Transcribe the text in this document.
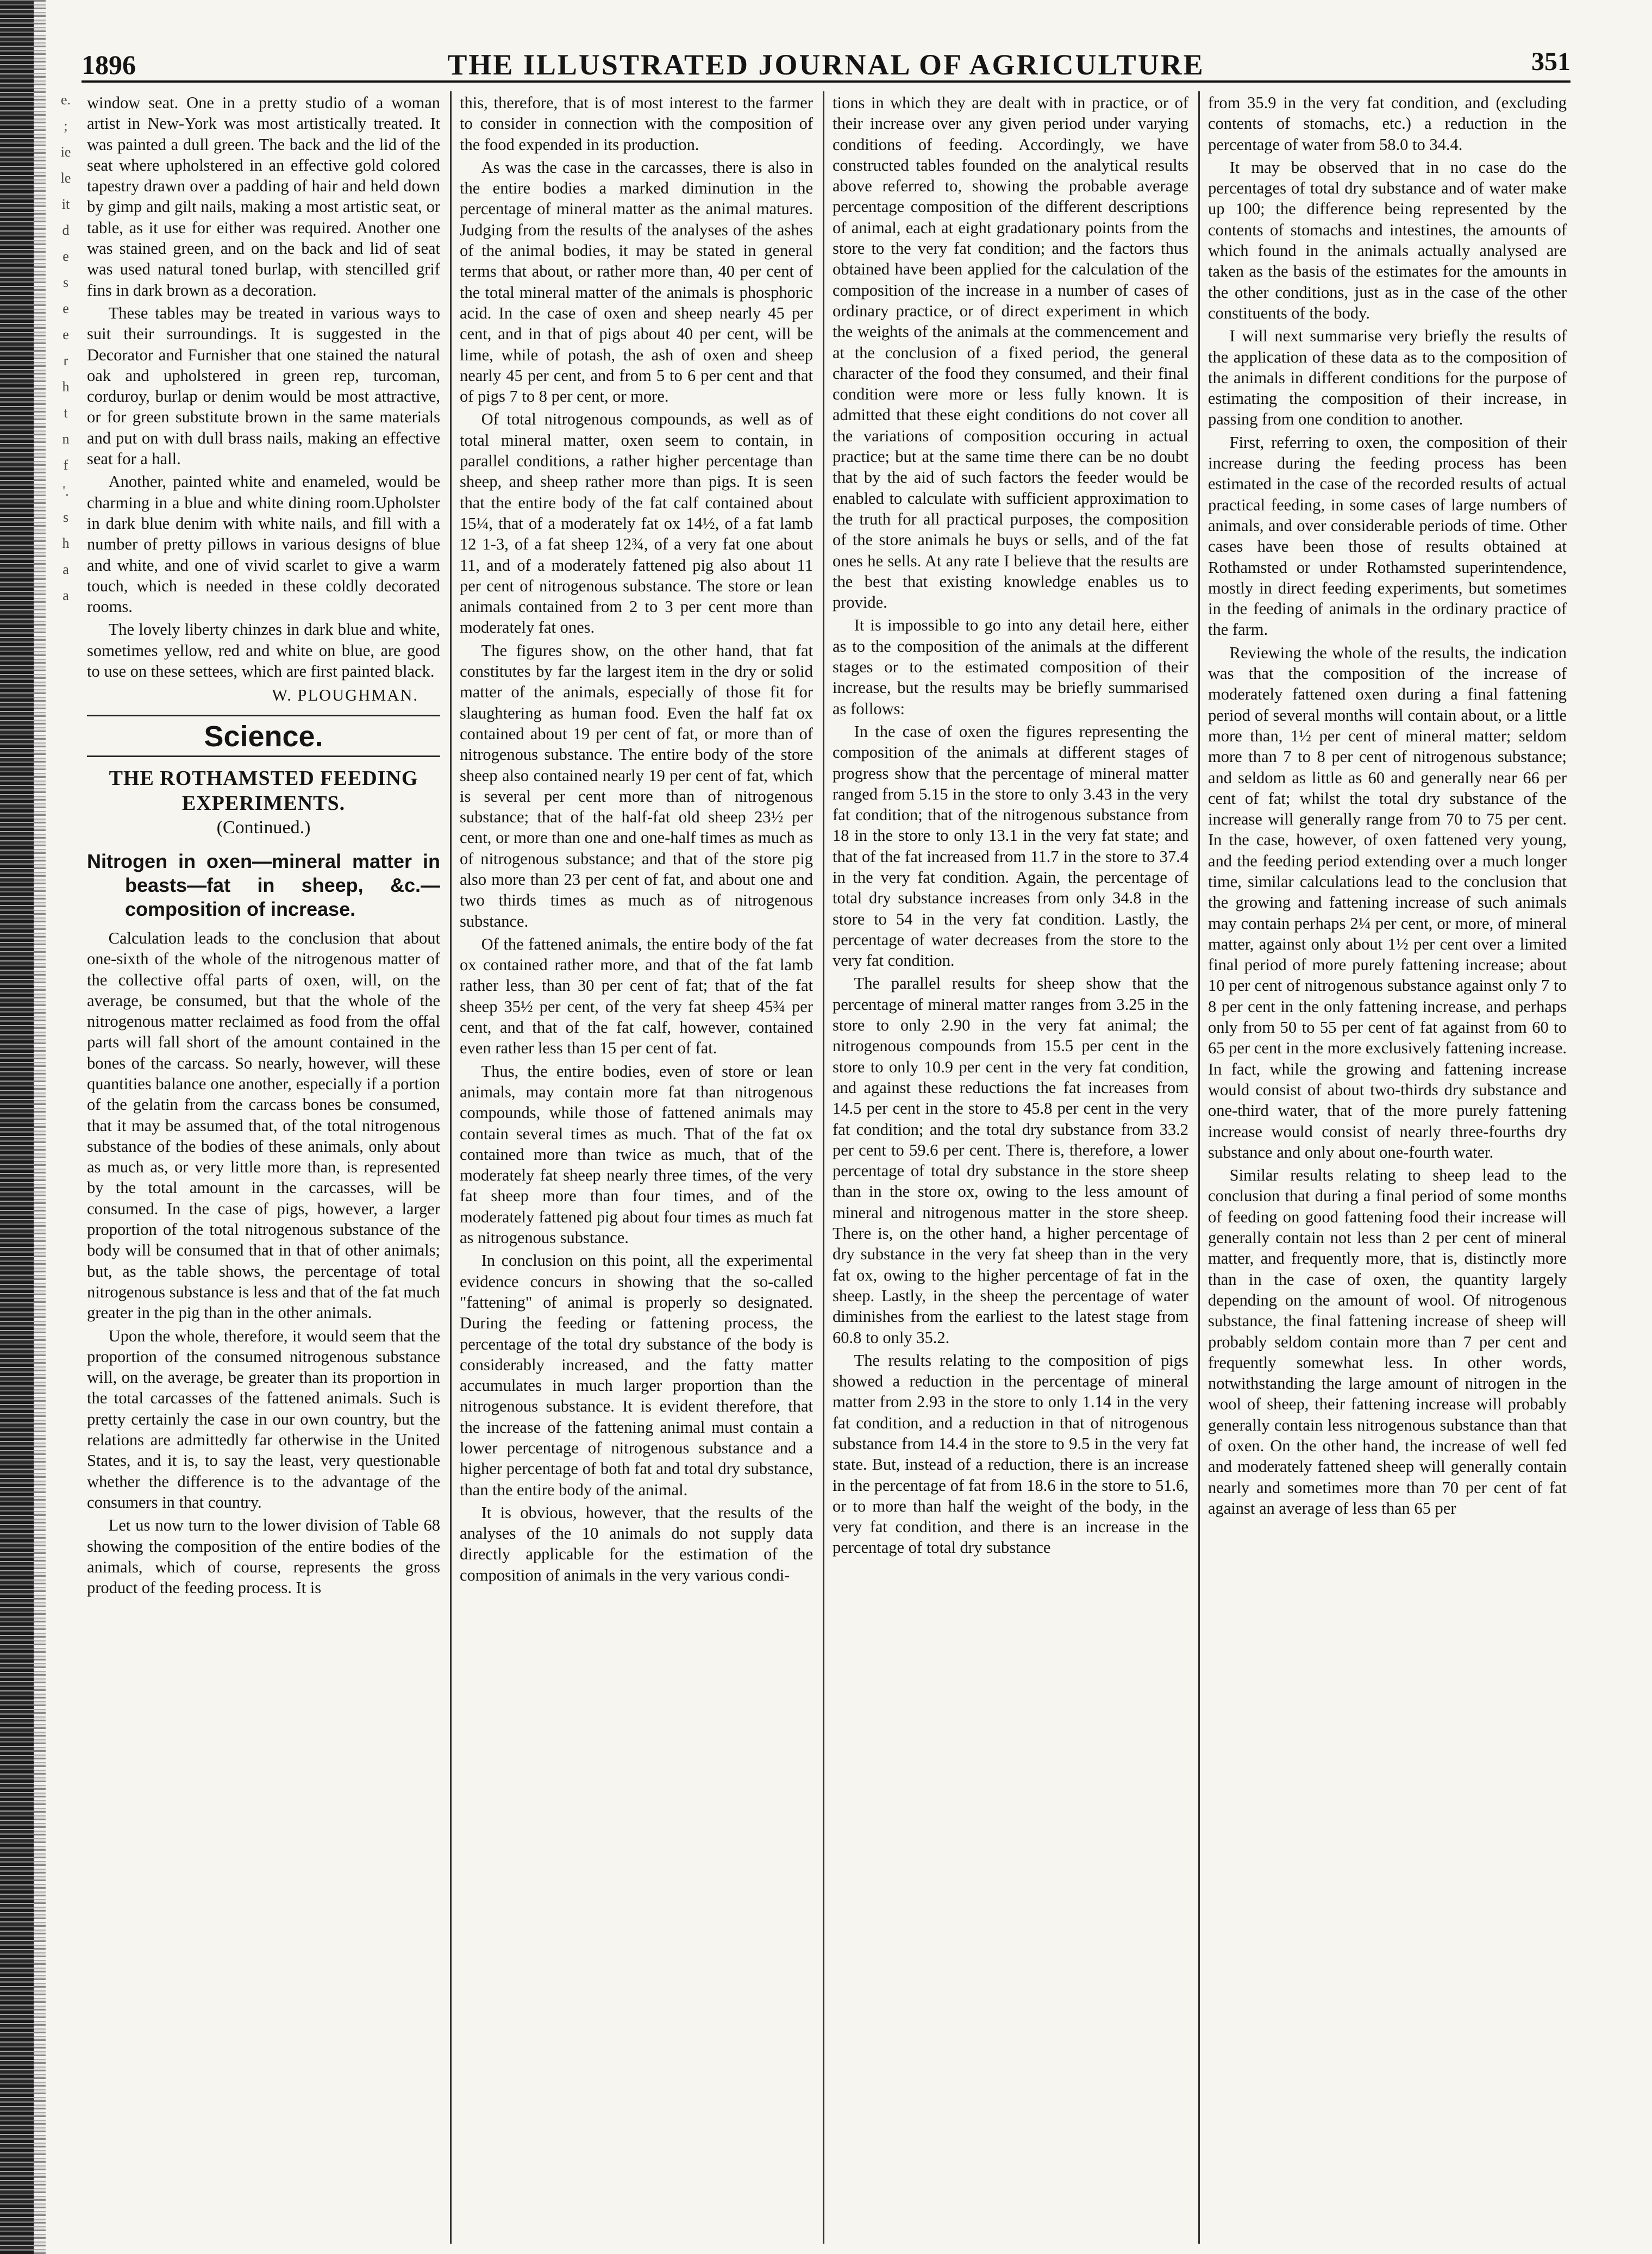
e.
;
ie
le
it
d
e
s
e
e
r
h
t
n
f
'.
s
h
a
a
1896	THE ILLUSTRATED JOURNAL OF AGRICULTURE	351

window seat. One in a pretty studio of a woman artist in New-York was most artistically treated. It was painted a dull green. The back and the lid of the seat where upholstered in an effective gold colored tapestry drawn over a padding of hair and held down by gimp and gilt nails, making a most artistic seat, or table, as it use for either was required. Another one was stained green, and on the back and lid of seat was used natural toned burlap, with stencilled grif fins in dark brown as a decoration.

These tables may be treated in various ways to suit their surroundings. It is suggested in the Decorator and Furnisher that one stained the natural oak and upholstered in green rep, turcoman, corduroy, burlap or denim would be most attractive, or for green substitute brown in the same materials and put on with dull brass nails, making an effective seat for a hall.

Another, painted white and enameled, would be charming in a blue and white dining room.Upholster in dark blue denim with white nails, and fill with a number of pretty pillows in various designs of blue and white, and one of vivid scarlet to give a warm touch, which is needed in these coldly decorated rooms.

The lovely liberty chinzes in dark blue and white, sometimes yellow, red and white on blue, are good to use on these settees, which are first painted black.

W. PLOUGHMAN.
Science.
THE ROTHAMSTED FEEDING EXPERIMENTS.
(Continued.)
Nitrogen in oxen—mineral matter in beasts—fat in sheep, &c.—composition of increase.

Calculation leads to the conclusion that about one-sixth of the whole of the nitrogenous matter of the collective offal parts of oxen, will, on the average, be consumed, but that the whole of the nitrogenous matter reclaimed as food from the offal parts will fall short of the amount contained in the bones of the carcass. So nearly, however, will these quantities balance one another, especially if a portion of the gelatin from the carcass bones be consumed, that it may be assumed that, of the total nitrogenous substance of the bodies of these animals, only about as much as, or very little more than, is represented by the total amount in the carcasses, will be consumed. In the case of pigs, however, a larger proportion of the total nitrogenous substance of the body will be consumed that in that of other animals; but, as the table shows, the percentage of total nitrogenous substance is less and that of the fat much greater in the pig than in the other animals.

Upon the whole, therefore, it would seem that the proportion of the consumed nitrogenous substance will, on the average, be greater than its proportion in the total carcasses of the fattened animals. Such is pretty certainly the case in our own country, but the relations are admittedly far otherwise in the United States, and it is, to say the least, very questionable whether the difference is to the advantage of the consumers in that country.

Let us now turn to the lower division of Table 68 showing the composition of the entire bodies of the animals, which of course, represents the gross product of the feeding process. It is

this, therefore, that is of most interest to the farmer to consider in connection with the composition of the food expended in its production.

As was the case in the carcasses, there is also in the entire bodies a marked diminution in the percentage of mineral matter as the animal matures. Judging from the results of the analyses of the ashes of the animal bodies, it may be stated in general terms that about, or rather more than, 40 per cent of the total mineral matter of the animals is phosphoric acid. In the case of oxen and sheep nearly 45 per cent, and in that of pigs about 40 per cent, will be lime, while of potash, the ash of oxen and sheep nearly 45 per cent, and from 5 to 6 per cent and that of pigs 7 to 8 per cent, or more.

Of total nitrogenous compounds, as well as of total mineral matter, oxen seem to contain, in parallel conditions, a rather higher percentage than sheep, and sheep rather more than pigs. It is seen that the entire body of the fat calf contained about 15¼, that of a moderately fat ox 14½, of a fat lamb 12 1-3, of a fat sheep 12¾, of a very fat one about 11, and of a moderately fattened pig also about 11 per cent of nitrogenous substance. The store or lean animals contained from 2 to 3 per cent more than moderately fat ones.

The figures show, on the other hand, that fat constitutes by far the largest item in the dry or solid matter of the animals, especially of those fit for slaughtering as human food. Even the half fat ox contained about 19 per cent of fat, or more than of nitrogenous substance. The entire body of the store sheep also contained nearly 19 per cent of fat, which is several per cent more than of nitrogenous substance; that of the half-fat old sheep 23½ per cent, or more than one and one-half times as much as of nitrogenous substance; and that of the store pig also more than 23 per cent of fat, and about one and two thirds times as much as of nitrogenous substance.

Of the fattened animals, the entire body of the fat ox contained rather more, and that of the fat lamb rather less, than 30 per cent of fat; that of the fat sheep 35½ per cent, of the very fat sheep 45¾ per cent, and that of the fat calf, however, contained even rather less than 15 per cent of fat.

Thus, the entire bodies, even of store or lean animals, may contain more fat than nitrogenous compounds, while those of fattened animals may contain several times as much. That of the fat ox contained more than twice as much, that of the moderately fat sheep nearly three times, of the very fat sheep more than four times, and of the moderately fattened pig about four times as much fat as nitrogenous substance.

In conclusion on this point, all the experimental evidence concurs in showing that the so-called "fattening" of animal is properly so designated. During the feeding or fattening process, the percentage of the total dry substance of the body is considerably increased, and the fatty matter accumulates in much larger proportion than the nitrogenous substance. It is evident therefore, that the increase of the fattening animal must contain a lower percentage of nitrogenous substance and a higher percentage of both fat and total dry substance, than the entire body of the animal.

It is obvious, however, that the results of the analyses of the 10 animals do not supply data directly applicable for the estimation of the composition of animals in the very various condi-

tions in which they are dealt with in practice, or of their increase over any given period under varying conditions of feeding. Accordingly, we have constructed tables founded on the analytical results above referred to, showing the probable average percentage composition of the different descriptions of animal, each at eight gradationary points from the store to the very fat condition; and the factors thus obtained have been applied for the calculation of the composition of the increase in a number of cases of ordinary practice, or of direct experiment in which the weights of the animals at the commencement and at the conclusion of a fixed period, the general character of the food they consumed, and their final condition were more or less fully known. It is admitted that these eight conditions do not cover all the variations of composition occuring in actual practice; but at the same time there can be no doubt that by the aid of such factors the feeder would be enabled to calculate with sufficient approximation to the truth for all practical purposes, the composition of the store animals he buys or sells, and of the fat ones he sells. At any rate I believe that the results are the best that existing knowledge enables us to provide.

It is impossible to go into any detail here, either as to the composition of the animals at the different stages or to the estimated composition of their increase, but the results may be briefly summarised as follows:

In the case of oxen the figures representing the composition of the animals at different stages of progress show that the percentage of mineral matter ranged from 5.15 in the store to only 3.43 in the very fat condition; that of the nitrogenous substance from 18 in the store to only 13.1 in the very fat state; and that of the fat increased from 11.7 in the store to 37.4 in the very fat condition. Again, the percentage of total dry substance increases from only 34.8 in the store to 54 in the very fat condition. Lastly, the percentage of water decreases from the store to the very fat condition.

The parallel results for sheep show that the percentage of mineral matter ranges from 3.25 in the store to only 2.90 in the very fat animal; the nitrogenous compounds from 15.5 per cent in the store to only 10.9 per cent in the very fat condition, and against these reductions the fat increases from 14.5 per cent in the store to 45.8 per cent in the very fat condition; and the total dry substance from 33.2 per cent to 59.6 per cent. There is, therefore, a lower percentage of total dry substance in the store sheep than in the store ox, owing to the less amount of mineral and nitrogenous matter in the store sheep. There is, on the other hand, a higher percentage of dry substance in the very fat sheep than in the very fat ox, owing to the higher percentage of fat in the sheep. Lastly, in the sheep the percentage of water diminishes from the earliest to the latest stage from 60.8 to only 35.2.

The results relating to the composition of pigs showed a reduction in the percentage of mineral matter from 2.93 in the store to only 1.14 in the very fat condition, and a reduction in that of nitrogenous substance from 14.4 in the store to 9.5 in the very fat state. But, instead of a reduction, there is an increase in the percentage of fat from 18.6 in the store to 51.6, or to more than half the weight of the body, in the very fat condition, and there is an increase in the percentage of total dry substance

from 35.9 in the very fat condition, and (excluding contents of stomachs, etc.) a reduction in the percentage of water from 58.0 to 34.4.

It may be observed that in no case do the percentages of total dry substance and of water make up 100; the difference being represented by the contents of stomachs and intestines, the amounts of which found in the animals actually analysed are taken as the basis of the estimates for the amounts in the other conditions, just as in the case of the other constituents of the body.

I will next summarise very briefly the results of the application of these data as to the composition of the animals in different conditions for the purpose of estimating the composition of their increase, in passing from one condition to another.

First, referring to oxen, the composition of their increase during the feeding process has been estimated in the case of the recorded results of actual practical feeding, in some cases of large numbers of animals, and over considerable periods of time. Other cases have been those of results obtained at Rothamsted or under Rothamsted superintendence, mostly in direct feeding experiments, but sometimes in the feeding of animals in the ordinary practice of the farm.

Reviewing the whole of the results, the indication was that the composition of the increase of moderately fattened oxen during a final fattening period of several months will contain about, or a little more than, 1½ per cent of mineral matter; seldom more than 7 to 8 per cent of nitrogenous substance; and seldom as little as 60 and generally near 66 per cent of fat; whilst the total dry substance of the increase will generally range from 70 to 75 per cent. In the case, however, of oxen fattened very young, and the feeding period extending over a much longer time, similar calculations lead to the conclusion that the growing and fattening increase of such animals may contain perhaps 2¼ per cent, or more, of mineral matter, against only about 1½ per cent over a limited final period of more purely fattening increase; about 10 per cent of nitrogenous substance against only 7 to 8 per cent in the only fattening increase, and perhaps only from 50 to 55 per cent of fat against from 60 to 65 per cent in the more exclusively fattening increase. In fact, while the growing and fattening increase would consist of about two-thirds dry substance and one-third water, that of the more purely fattening increase would consist of nearly three-fourths dry substance and only about one-fourth water.

Similar results relating to sheep lead to the conclusion that during a final period of some months of feeding on good fattening food their increase will generally contain not less than 2 per cent of mineral matter, and frequently more, that is, distinctly more than in the case of oxen, the quantity largely depending on the amount of wool. Of nitrogenous substance, the final fattening increase of sheep will probably seldom contain more than 7 per cent and frequently somewhat less. In other words, notwithstanding the large amount of nitrogen in the wool of sheep, their fattening increase will probably generally contain less nitrogenous substance than that of oxen. On the other hand, the increase of well fed and moderately fattened sheep will generally contain nearly and sometimes more than 70 per cent of fat against an average of less than 65 per
